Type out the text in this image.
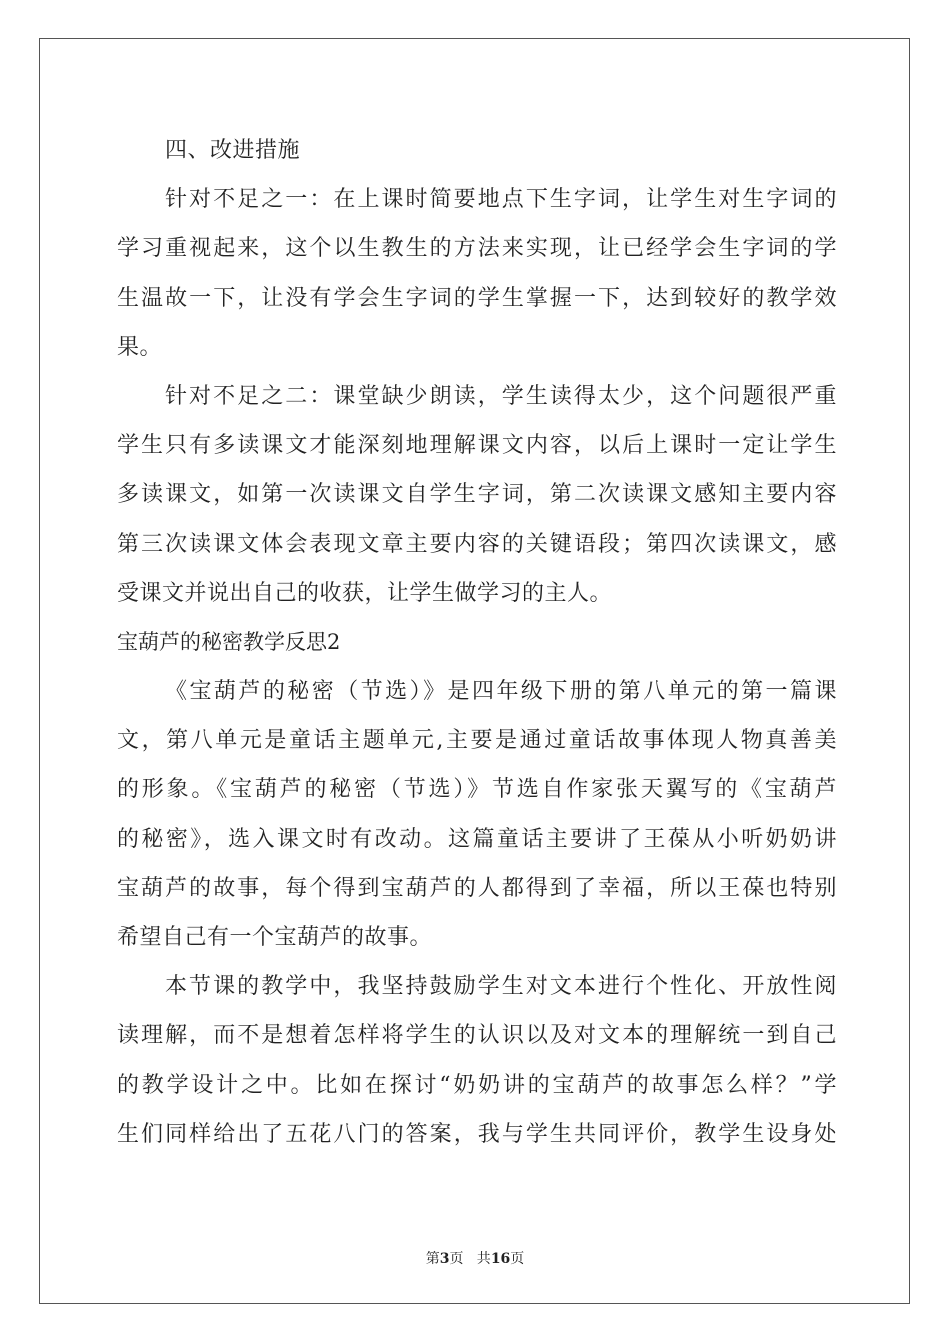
四、改进措施
针对不足之一：在上课时简要地点下生字词，让学生对生字词的
学习重视起来，这个以生教生的方法来实现，让已经学会生字词的学
生温故一下，让没有学会生字词的学生掌握一下，达到较好的教学效
果。
针对不足之二：课堂缺少朗读，学生读得太少，这个问题很严重
学生只有多读课文才能深刻地理解课文内容，以后上课时一定让学生
多读课文，如第一次读课文自学生字词，第二次读课文感知主要内容
第三次读课文体会表现文章主要内容的关键语段；第四次读课文，感
受课文并说出自己的收获，让学生做学习的主人。
宝葫芦的秘密教学反思2
《宝葫芦的秘密（节选）》是四年级下册的第八单元的第一篇课
文，第八单元是童话主题单元,主要是通过童话故事体现人物真善美
的形象。《宝葫芦的秘密（节选）》节选自作家张天翼写的《宝葫芦
的秘密》，选入课文时有改动。这篇童话主要讲了王葆从小听奶奶讲
宝葫芦的故事，每个得到宝葫芦的人都得到了幸福，所以王葆也特别
希望自己有一个宝葫芦的故事。
本节课的教学中，我坚持鼓励学生对文本进行个性化、开放性阅
读理解，而不是想着怎样将学生的认识以及对文本的理解统一到自己
的教学设计之中。比如在探讨“奶奶讲的宝葫芦的故事怎么样？”学
生们同样给出了五花八门的答案，我与学生共同评价，教学生设身处
第3页   共16页
